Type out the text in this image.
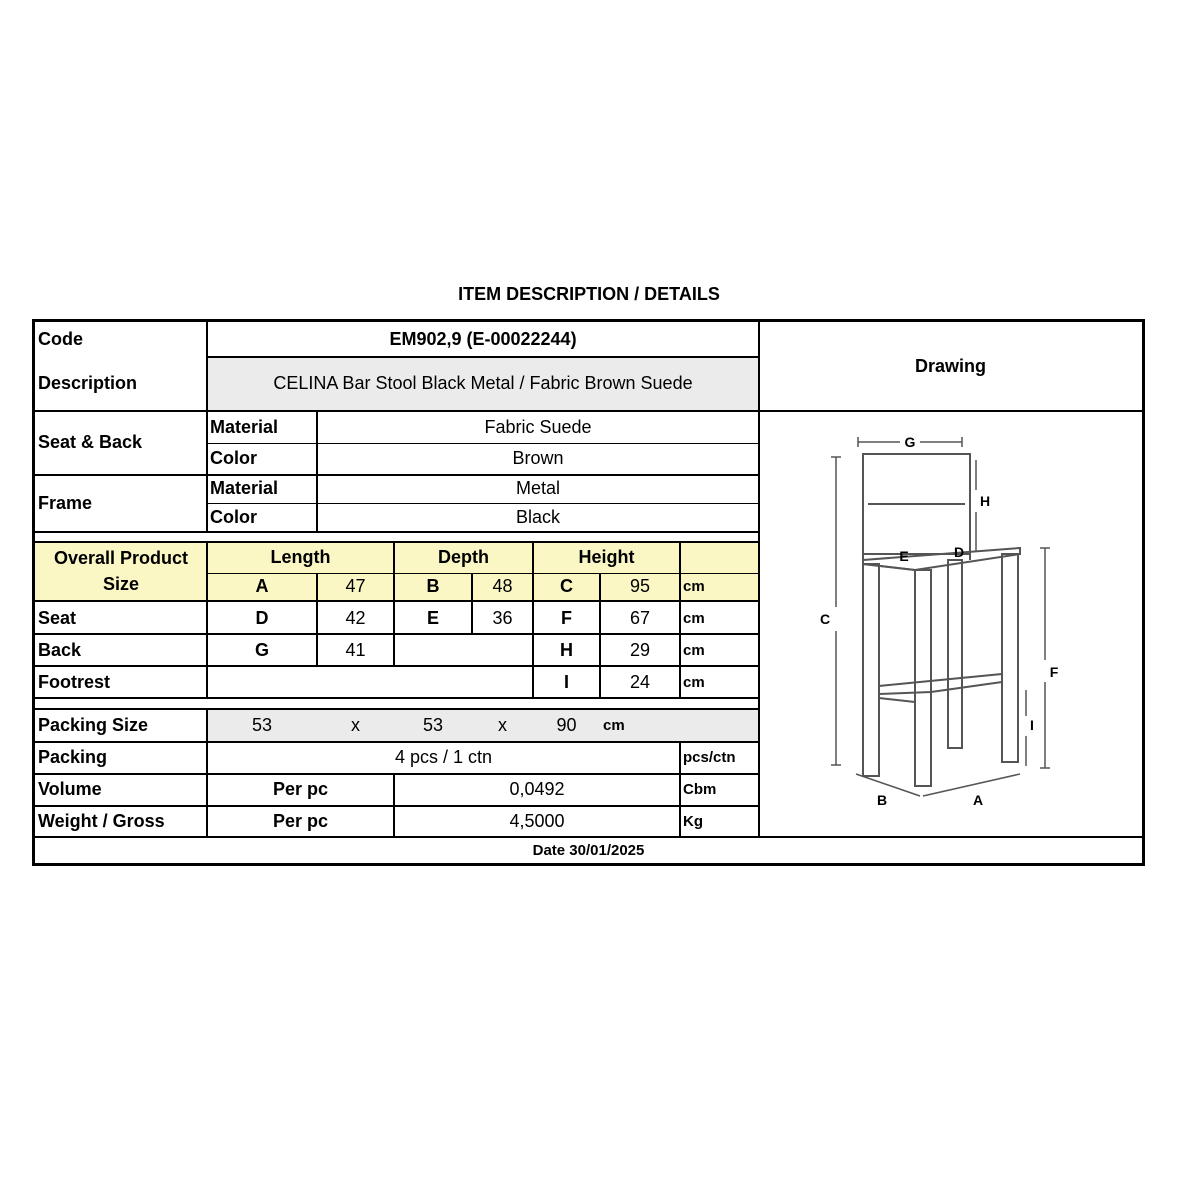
ITEM DESCRIPTION / DETAILS
Code	EM902,9 (E-00022244)
Description	CELINA Bar Stool Black Metal / Fabric Brown Suede
Drawing
Seat & Back
Material	Fabric Suede
Color	Brown
Frame
Material	Metal
Color	Black
Overall Product
Size
Length	Depth	Height
A	47	B	48	C	95	cm
Seat	D	42	E	36	F	67	cm
Back	G	41	H	29	cm
Footrest	I	24	cm
Packing Size	53	x	53	x	90	cm
Packing	4 pcs / 1 ctn	pcs/ctn
Volume	Per pc	0,0492	Cbm
Weight / Gross	Per pc	4,5000	Kg
Date 30/01/2025
G
H
E	D
C
F
I
B	A
